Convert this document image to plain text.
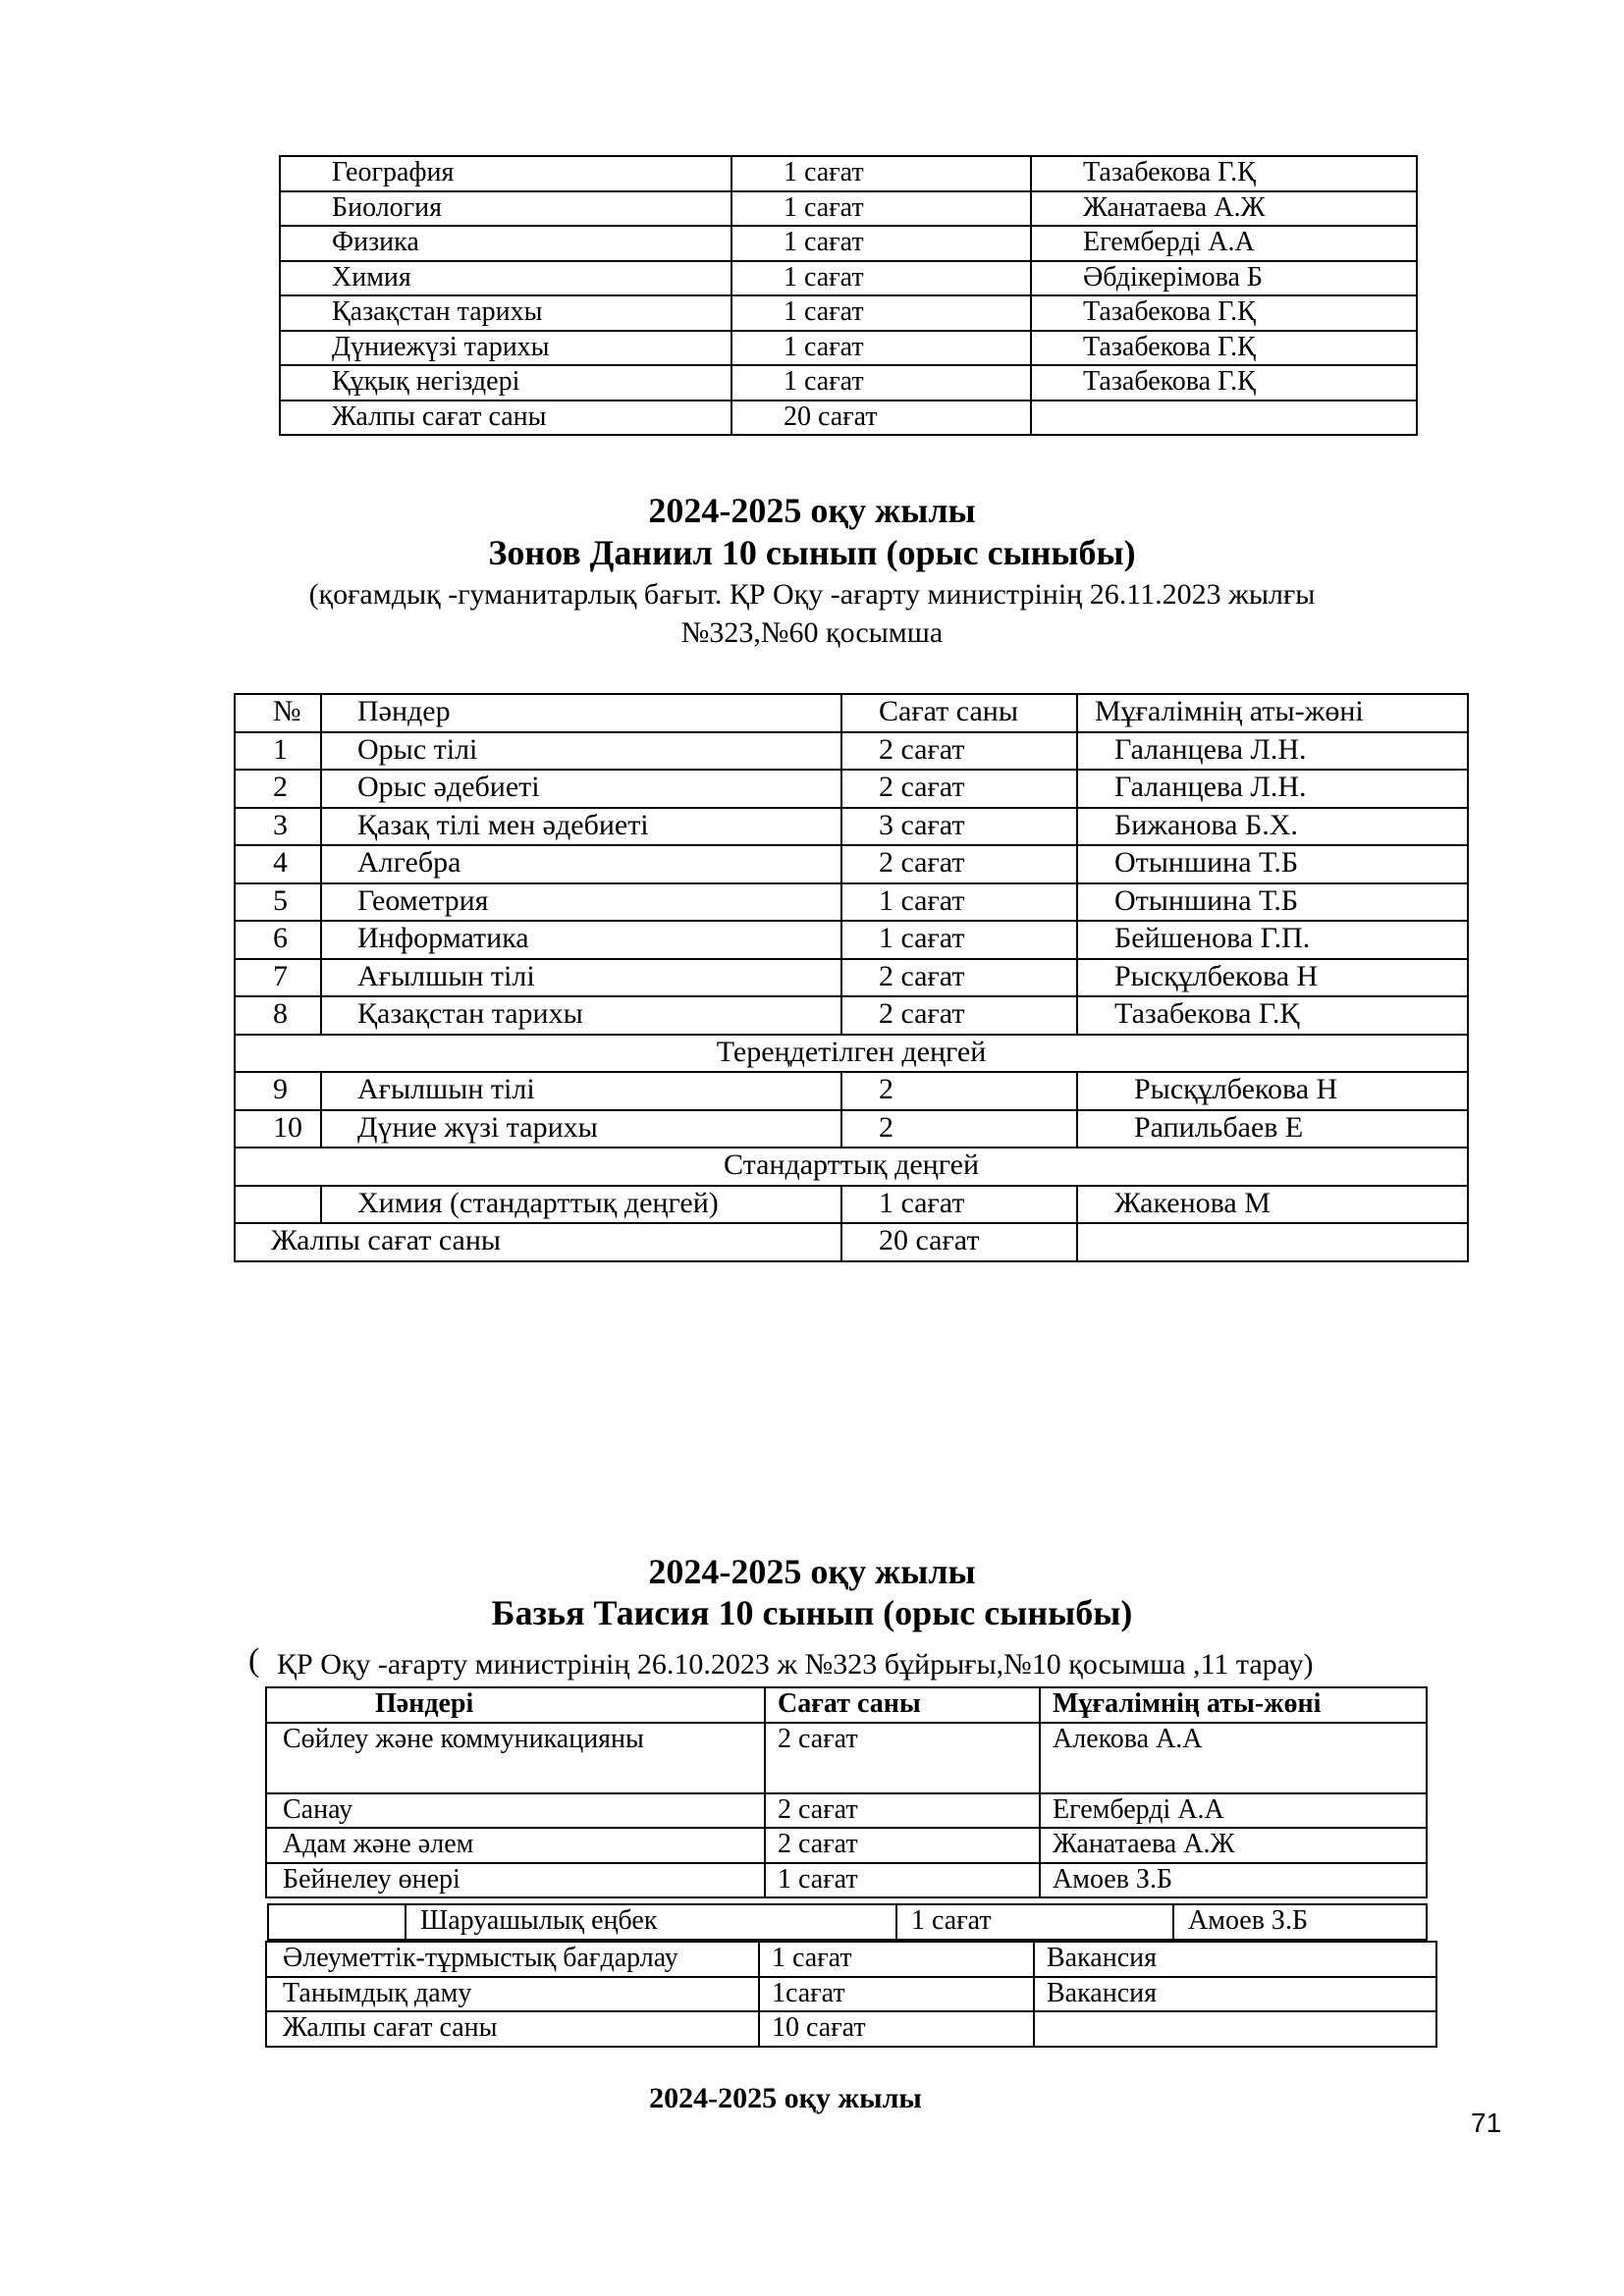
География	1 сағат	Тазабекова Г.Қ
Биология	1 сағат	Жанатаева А.Ж
Физика	1 сағат	Егемберді А.А
Химия	1 сағат	Әбдікерімова Б
Қазақстан тарихы	1 сағат	Тазабекова Г.Қ
Дүниежүзі тарихы	1 сағат	Тазабекова Г.Қ
Құқық негіздері	1 сағат	Тазабекова Г.Қ
Жалпы сағат саны	20 сағат	
2024-2025 оқу жылы
Зонов Даниил 10 сынып (орыс сыныбы)
(қоғамдық -гуманитарлық бағыт. ҚР Оқу -ағарту министрінің 26.11.2023 жылғы
№323,№60 қосымша
№	Пәндер	Сағат саны	Мұғалімнің аты-жөні
1	Орыс тілі	2 сағат	Галанцева Л.Н.
2	Орыс әдебиеті	2 сағат	Галанцева Л.Н.
3	Қазақ тілі мен әдебиеті	3 сағат	Бижанова Б.Х.
4	Алгебра	2 сағат	Отыншина Т.Б
5	Геометрия	1 сағат	Отыншина Т.Б
6	Информатика	1 сағат	Бейшенова Г.П.
7	Ағылшын тілі	2 сағат	Рысқұлбекова Н
8	Қазақстан тарихы	2 сағат	Тазабекова Г.Қ
Тереңдетілген деңгей			
9	Ағылшын тілі	2	Рысқұлбекова Н
10	Дүние жүзі тарихы	2	Рапильбаев Е
Стандарттық деңгей			
	Химия (стандарттық деңгей)	1 сағат	Жакенова М
Жалпы сағат саны		20 сағат	
2024-2025 оқу жылы
Базья Таисия 10 сынып (орыс сыныбы)
( ҚР Оқу -ағарту министрінің 26.10.2023 ж №323 бұйрығы,№10 қосымша ,11 тарау)
Пәндері	Сағат саны	Мұғалімнің аты-жөні
Сөйлеу және коммуникацияны	2 сағат	Алекова А.А
Санау	2 сағат	Егемберді А.А
Адам және әлем	2 сағат	Жанатаева А.Ж
Бейнелеу өнері	1 сағат	Амоев З.Б
	Шаруашылық еңбек	1 сағат	Амоев З.Б
Әлеуметтік-тұрмыстық бағдарлау	1 сағат	Вакансия
Танымдық даму	1сағат	Вакансия
Жалпы сағат саны	10 сағат	
2024-2025 оқу жылы
71
